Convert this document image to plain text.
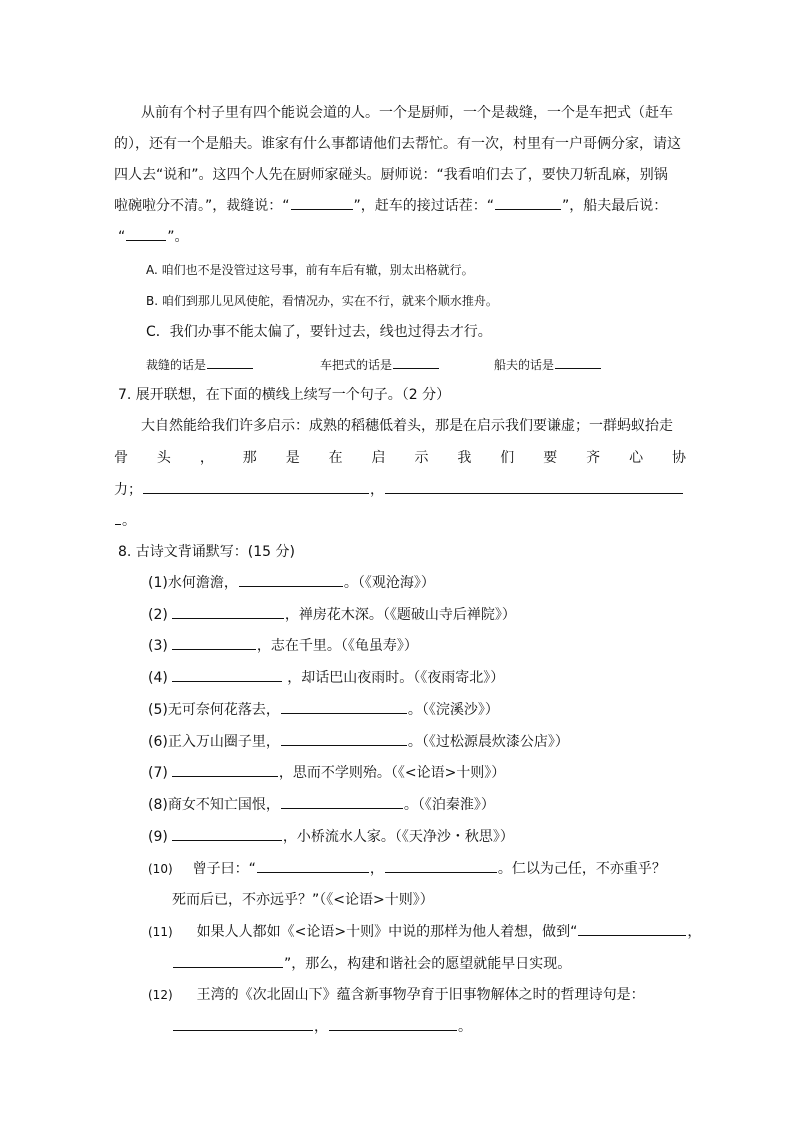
从前有个村子里有四个能说会道的人。一个是厨师，一个是裁缝，一个是车把式（赶车
的），还有一个是船夫。谁家有什么事都请他们去帮忙。有一次，村里有一户哥俩分家，请这
四人去“说和”。这四个人先在厨师家碰头。厨师说：“我看咱们去了，要快刀斩乱麻，别锅
啦碗啦分不清。”，裁缝说：“	”，赶车的接过话茬：“	”，船夫最后说：
“	”。
A. 咱们也不是没管过这号事，前有车后有辙，别太出格就行。
B. 咱们到那儿见风使舵，看情况办，实在不行，就来个顺水推舟。
C．我们办事不能太偏了，要针过去，线也过得去才行。
裁缝的话是	车把式的话是	船夫的话是
7. 展开联想，在下面的横线上续写一个句子。（2 分）
大自然能给我们许多启示：成熟的稻穗低着头，那是在启示我们要谦虚；一群蚂蚁抬走
骨 头 ， 那 是 在 启 示 我 们 要 齐 心 协
力；	，
。
8. 古诗文背诵默写：(15 分)
(1)水何澹澹，	。（《观沧海》）
(2)	，禅房花木深。（《题破山寺后禅院》）
(3)	，志在千里。（《龟虽寿》）
(4)	，却话巴山夜雨时。（《夜雨寄北》）
(5)无可奈何花落去，	。（《浣溪沙》）
(6)正入万山圈子里，	。（《过松源晨炊漆公店》）
(7)	，思而不学则殆。（《<论语>十则》）
(8)商女不知亡国恨，	。（《泊秦淮》）
(9)	，小桥流水人家。（《天净沙・秋思》）
(10) 曾子曰：“	，	。仁以为己任，不亦重乎？
死而后已，不亦远乎？”（《<论语>十则》）
(11) 如果人人都如《<论语>十则》中说的那样为他人着想，做到“	，
”，那么，构建和谐社会的愿望就能早日实现。
(12) 王湾的《次北固山下》蕴含新事物孕育于旧事物解体之时的哲理诗句是：
，	。
